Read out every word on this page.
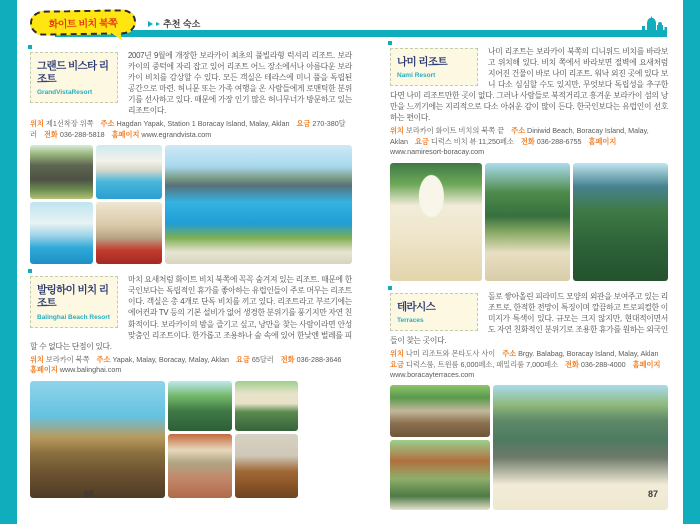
화이트 비치 북쪽	추천 숙소
그랜드 비스타 리조트
GrandVistaResort

2007년 9월에 개장한 보라카이 최초의 풀빌라형 럭셔리 리조트. 보라카이의 중턱에 자리 잡고 있어 리조트 어느 장소에서나 아름다운 보라카이 비치를 감상할 수 있다. 모든 객실은 테라스에 미니 풀을 독립된 공간으로 마련. 허니문 또는 가족 여행을 온 사람들에게 로맨틱한 분위기를 선사하고 있다. 때문에 가장 인기 많은 허니무너가 방문하고 있는 리조트이다.

위치 제1선착장 위쪽 주소 Hagdan Yapak, Station 1 Boracay Island, Malay, Aklan 요금 270-380달러 전화 036-288-5818 홈페이지 www.egrandvista.com

발링하이 비치 리조트
Balinghai Beach Resort

마치 요새처럼 화이트 비치 북쪽에 꼭꼭 숨겨져 있는 리조트. 때문에 한국인보다는 독립적인 휴가를 좋아하는 유럽인들이 주로 머무는 리조트이다. 객실은 총 4개로 단독 비치를 끼고 있다. 리조트라고 부르기에는 에어컨과 TV 등의 기본 설비가 없어 생경한 분위기를 풍기지만 자연 친화적이다. 보라카이의 밤을 즐기고 싶고, 낭만을 찾는 사람이라면 안성맞춤인 리조트이다. 한가롭고 조용하나 숲 속에 있어 한낮엔 벌레를 피할 수 없다는 단점이 있다.

위치 보라카이 북쪽 주소 Yapak, Malay, Boracay, Malay, Aklan 요금 65달러 전화 036-288-3646 홈페이지 www.balinghai.com

나미 리조트
Nami Resort

나미 리조트는 보라카이 북쪽의 디니위드 비치를 바라보고 위치해 있다. 비치 쪽에서 바라보면 절벽에 요새처럼 지어진 건물이 바로 나미 리조트. 워낙 외진 곳에 있다 보니 다소 심심할 수도 있지만, 무엇보다 독립성을 추구한다면 나미 리조트만한 곳이 없다. 그러나 사람들로 북적거리고 흥겨운 보라카이 섬의 낭만을 느끼기에는 지리적으로 다소 아쉬운 감이 많이 든다. 한국인보다는 유럽인이 선호하는 편이다.

위치 보라카이 화이트 비치의 북쪽 끝 주소 Diniwid Beach, Boracay Island, Malay, Aklan 요금 디럭스 비치 뷰 11,250페소 전화 036-288-6755 홈페이지www.namiresort-boracay.com

테라시스
Terraces

돌로 쌓아올린 피라미드 모양의 외관을 보여주고 있는 리조트로, 한적한 전망이 특징이며 깔끔하고 트로피컬한 이미지가 특색이 있다. 규모는 크지 않지만, 현대적이면서도 자연 친화적인 분위기로 조용한 휴가를 원하는 외국인들이 찾는 곳이다.

위치 나미 리조트와 몬타도사 사이 주소 Brgy. Balabag, Boracay Island, Malay, Aklan 요금 디럭스룸, 트윈룸 6,000페소, 패밀리룸 7,000페소 전화 036-288-4000 홈페이지www.boracayterraces.com

86	87
